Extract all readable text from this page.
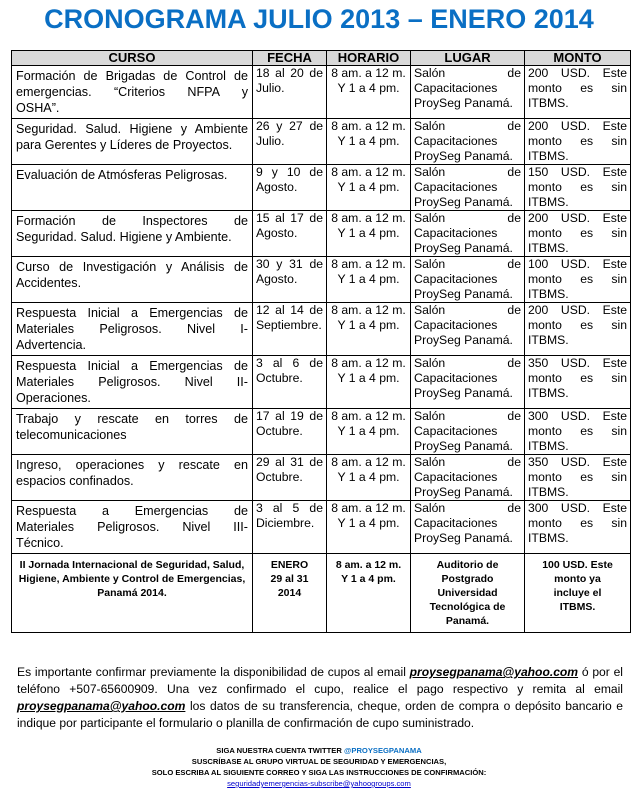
CRONOGRAMA JULIO 2013 – ENERO 2014
CURSO	FECHA	HORARIO	LUGAR	MONTO

Formación de Brigadas de Control de
emergencias. “Criterios NFPA y
OSHA”.	18 al 20 de
Julio.	8 am. a 12 m.
Y 1 a 4 pm.	Salón de
Capacitaciones
ProySeg Panamá.	200 USD. Este
monto es sin
ITBMS.

Seguridad. Salud. Higiene y Ambiente
para Gerentes y Líderes de Proyectos.	26 y 27 de
Julio.	8 am. a 12 m.
Y 1 a 4 pm.	Salón de
Capacitaciones
ProySeg Panamá.	200 USD. Este
monto es sin
ITBMS.

Evaluación de Atmósferas Peligrosas.	9 y 10 de
Agosto.	8 am. a 12 m.
Y 1 a 4 pm.	Salón de
Capacitaciones
ProySeg Panamá.	150 USD. Este
monto es sin
ITBMS.

Formación de Inspectores de
Seguridad. Salud. Higiene y Ambiente.	15 al 17 de
Agosto.	8 am. a 12 m.
Y 1 a 4 pm.	Salón de
Capacitaciones
ProySeg Panamá.	200 USD. Este
monto es sin
ITBMS.

Curso de Investigación y Análisis de
Accidentes.	30 y 31 de
Agosto.	8 am. a 12 m.
Y 1 a 4 pm.	Salón de
Capacitaciones
ProySeg Panamá.	100 USD. Este
monto es sin
ITBMS.

Respuesta Inicial a Emergencias de
Materiales Peligrosos. Nivel I-
Advertencia.	12 al 14 de
Septiembre.	8 am. a 12 m.
Y 1 a 4 pm.	Salón de
Capacitaciones
ProySeg Panamá.	200 USD. Este
monto es sin
ITBMS.

Respuesta Inicial a Emergencias de
Materiales Peligrosos. Nivel II-
Operaciones.	3 al 6 de
Octubre.	8 am. a 12 m.
Y 1 a 4 pm.	Salón de
Capacitaciones
ProySeg Panamá.	350 USD. Este
monto es sin
ITBMS.

Trabajo y rescate en torres de
telecomunicaciones	17 al 19 de
Octubre.	8 am. a 12 m.
Y 1 a 4 pm.	Salón de
Capacitaciones
ProySeg Panamá.	300 USD. Este
monto es sin
ITBMS.

Ingreso, operaciones y rescate en
espacios confinados.	29 al 31 de
Octubre.	8 am. a 12 m.
Y 1 a 4 pm.	Salón de
Capacitaciones
ProySeg Panamá.	350 USD. Este
monto es sin
ITBMS.

Respuesta a Emergencias de
Materiales Peligrosos. Nivel III-
Técnico.	3 al 5 de
Diciembre.	8 am. a 12 m.
Y 1 a 4 pm.	Salón de
Capacitaciones
ProySeg Panamá.	300 USD. Este
monto es sin
ITBMS.

II Jornada Internacional de Seguridad, Salud,
Higiene, Ambiente y Control de Emergencias,
Panamá 2014.	ENERO
29 al 31
2014	8 am. a 12 m.
Y 1 a 4 pm.	Auditorio de
Postgrado
Universidad
Tecnológica de
Panamá.	100 USD. Este
monto ya
incluye el
ITBMS.
Es importante confirmar previamente la disponibilidad de cupos al email proysegpanama@yahoo.com ó por el teléfono +507-65600909. Una vez confirmado el cupo, realice el pago respectivo y remita al email proysegpanama@yahoo.com los datos de su transferencia, cheque, orden de compra o depósito bancario e indique por participante el formulario o planilla de confirmación de cupo suministrado.
SIGA NUESTRA CUENTA TWITTER @PROYSEGPANAMA
SUSCRÍBASE AL GRUPO VIRTUAL DE SEGURIDAD Y EMERGENCIAS,
SOLO ESCRIBA AL SIGUIENTE CORREO Y SIGA LAS INSTRUCCIONES DE CONFIRMACIÓN:
seguridadyemergencias-subscribe@yahoogroups.com
